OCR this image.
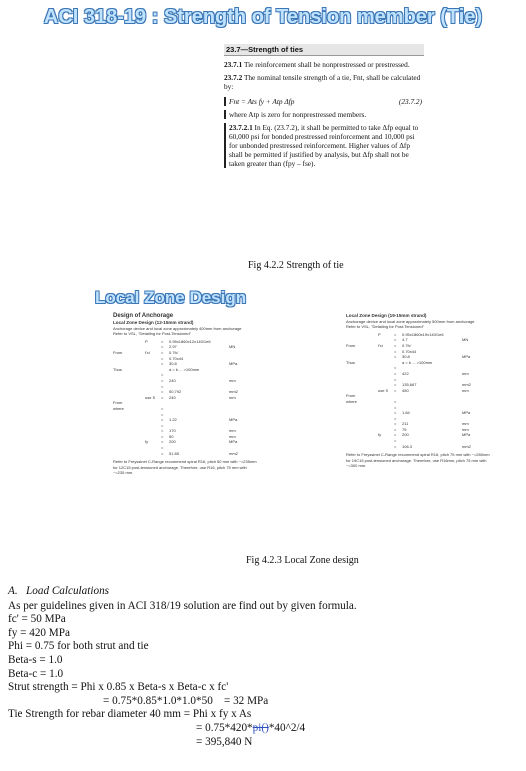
ACI 318-19 : Strength of Tension member (Tie)
23.7—Strength of ties

23.7.1 Tie reinforcement shall be nonprestressed or prestressed.

23.7.2 The nominal tensile strength of a tie, Fnt, shall be calculated by:

Fnt = Ats fy + Atp Δfp	(23.7.2)

where Atp is zero for nonprestressed members.

23.7.2.1 In Eq. (23.7.2), it shall be permitted to take Δfp equal to 60,000 psi for bonded prestressed reinforcement and 10,000 psi for unbonded prestressed reinforcement. Higher values of Δfp shall be permitted if justified by analysis, but Δfp shall not be taken greater than (fpy – fse).

Fig 4.2.2 Strength of tie
Local Zone Design
Design of Anchorage
Local Zone Design (12-15mm strand)
Anchorage device and local zone approximately 400mm from anchorage
Refer to VSL, "Detailing for Post-Tensioned"
P	=	0.95x1860x12x140/1e6
=	2.97	MN
From	f'ci	=	0.7fc'
=	0.70x44
=	30.8	MPa
Thus	a = b ... >100mm
=
=	240	mm
=
=	50,792	mm2
use S	=	240	mm
From
where	=
=
=	1.22	MPa
=
=	170	mm
=	50	mm
fy	=	200	MPa
=
=	51.85	mm2
Refer to Freyssinet C-Range recommend spiral R16, pitch 50 mm with ~=235mm for 12C15 post-tensioned anchorage. Therefore, use R16, pitch 75 mm with ~=235 mm.
Local Zone Design (19-15mm strand)
Anchorage device and local zone approximately 500mm from anchorage
Refer to VSL, "Detailing for Post-Tensioned"
P	=	0.95x1860x19x140/1e6
=	4.7	MN
From	f'ci	=	0.7fc'
=	0.70x44
=	30.8	MPa
Thus	a = b ... >100mm
=
=	422	mm
=
=	135,667	mm2
use S	=	450	mm
From
where	=
=
=	1.84	MPa
=
=	211	mm
=	75	mm
fy	=	200	MPa
=
=	106.3	mm2
Refer to Freyssinet C-Range recommend spiral R16, pitch 75 mm with ~=280mm for 19C15 post-tensioned anchorage. Therefore, use R16mm, pitch 75 mm with ~=300 mm.
Fig 4.2.3 Local Zone design
A. Load Calculations
As per guidelines given in ACI 318/19 solution are find out by given formula.
fc' = 50 MPa
fy = 420 MPa
Phi = 0.75 for both strut and tie
Beta-s = 1.0
Beta-c = 1.0
Strut strength = Phi x 0.85 x Beta-s x Beta-c x fc'
= 0.75*0.85*1.0*1.0*50    = 32 MPa
Tie Strength for rebar diameter 40 mm = Phi x fy x As
= 0.75*420*pi()*40^2/4
= 395,840 N
